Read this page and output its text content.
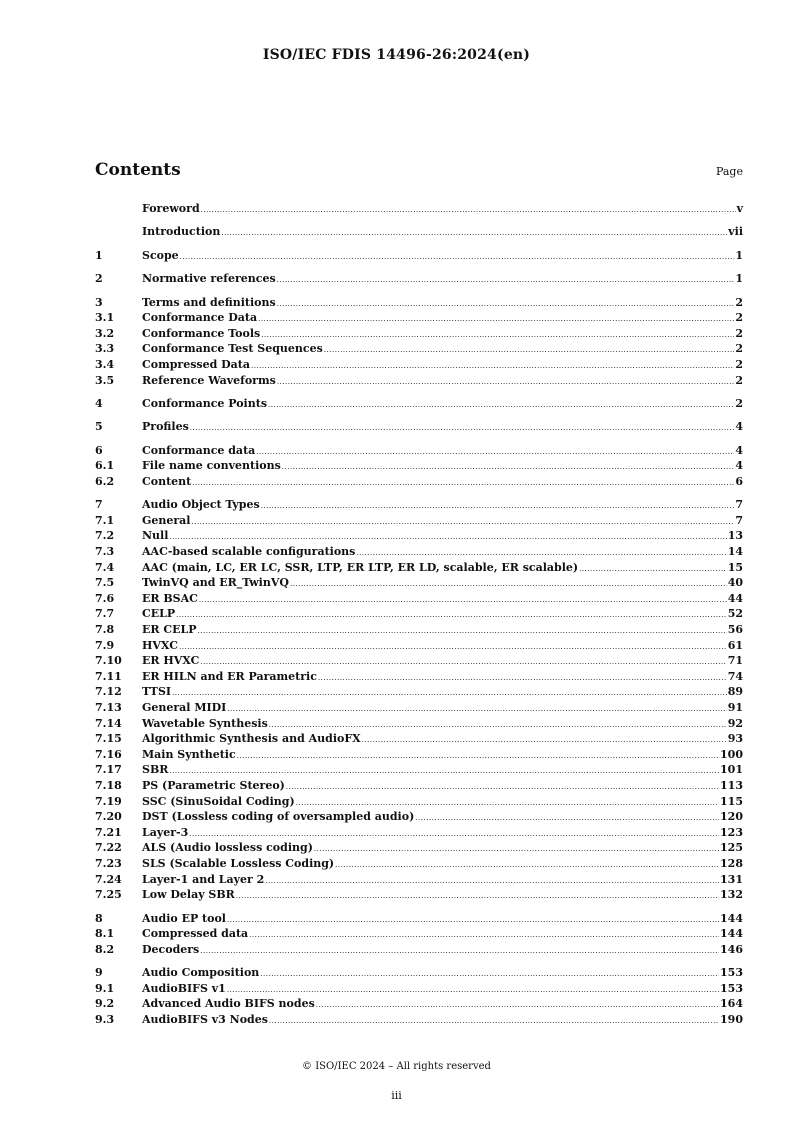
ISO/IEC FDIS 14496-26:2024(en)
Contents	Page
Foreword .....	v
Introduction .....	vii
1	Scope .....	1
2	Normative references .....	1
3	Terms and definitions .....	2
3.1	Conformance Data .....	2
3.2	Conformance Tools .....	2
3.3	Conformance Test Sequences .....	2
3.4	Compressed Data .....	2
3.5	Reference Waveforms .....	2
4	Conformance Points .....	2
5	Profiles .....	4
6	Conformance data .....	4
6.1	File name conventions .....	4
6.2	Content .....	6
7	Audio Object Types .....	7
7.1	General .....	7
7.2	Null .....	13
7.3	AAC-based scalable configurations .....	14
7.4	AAC (main, LC, ER LC, SSR, LTP, ER LTP, ER LD, scalable, ER scalable) .....	15
7.5	TwinVQ and ER_TwinVQ .....	40
7.6	ER BSAC .....	44
7.7	CELP .....	52
7.8	ER CELP .....	56
7.9	HVXC .....	61
7.10	ER HVXC .....	71
7.11	ER HILN and ER Parametric .....	74
7.12	TTSI .....	89
7.13	General MIDI .....	91
7.14	Wavetable Synthesis .....	92
7.15	Algorithmic Synthesis and AudioFX .....	93
7.16	Main Synthetic .....	100
7.17	SBR .....	101
7.18	PS (Parametric Stereo) .....	113
7.19	SSC (SinuSoidal Coding) .....	115
7.20	DST (Lossless coding of oversampled audio) .....	120
7.21	Layer-3 .....	123
7.22	ALS (Audio lossless coding) .....	125
7.23	SLS (Scalable Lossless Coding) .....	128
7.24	Layer-1 and Layer 2 .....	131
7.25	Low Delay SBR .....	132
8	Audio EP tool .....	144
8.1	Compressed data .....	144
8.2	Decoders .....	146
9	Audio Composition .....	153
9.1	AudioBIFS v1 .....	153
9.2	Advanced Audio BIFS nodes .....	164
9.3	AudioBIFS v3 Nodes .....	190
© ISO/IEC 2024 – All rights reserved
iii
